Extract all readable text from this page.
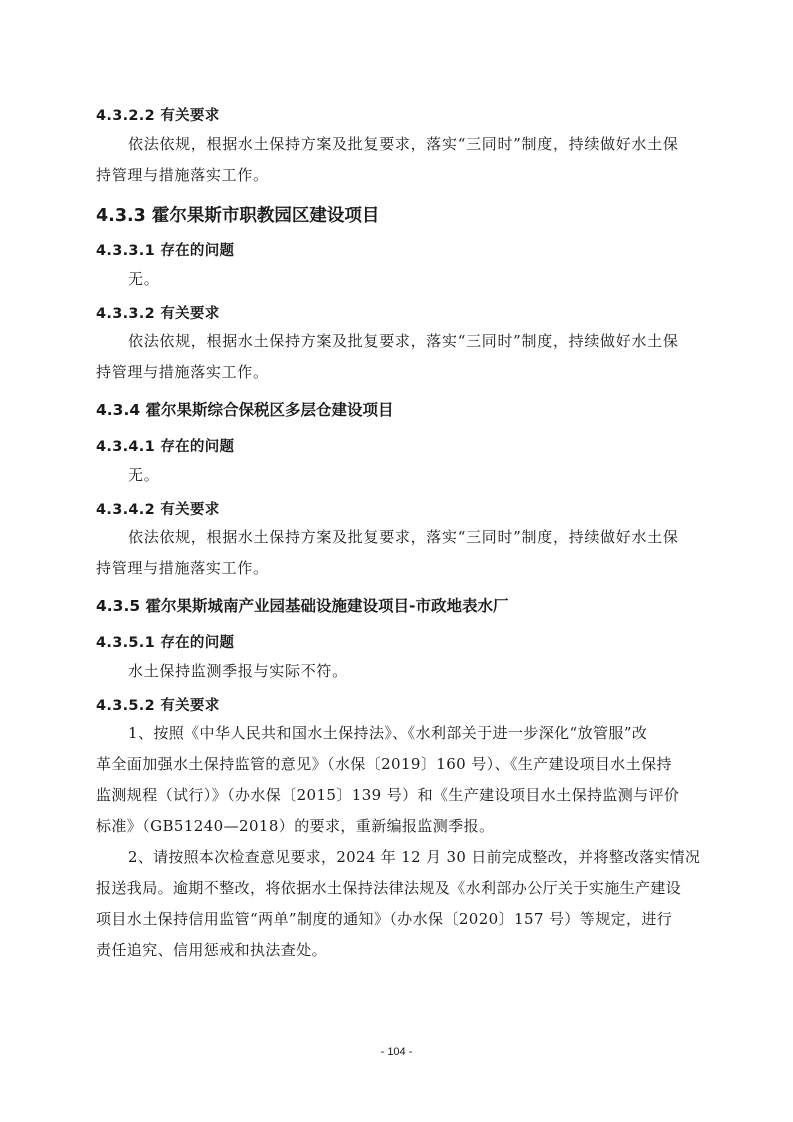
4.3.2.2 有关要求
依法依规，根据水土保持方案及批复要求，落实“三同时”制度，持续做好水土保
持管理与措施落实工作。
4.3.3 霍尔果斯市职教园区建设项目
4.3.3.1 存在的问题
无。
4.3.3.2 有关要求
依法依规，根据水土保持方案及批复要求，落实“三同时”制度，持续做好水土保
持管理与措施落实工作。
4.3.4 霍尔果斯综合保税区多层仓建设项目
4.3.4.1 存在的问题
无。
4.3.4.2 有关要求
依法依规，根据水土保持方案及批复要求，落实“三同时”制度，持续做好水土保
持管理与措施落实工作。
4.3.5 霍尔果斯城南产业园基础设施建设项目-市政地表水厂
4.3.5.1 存在的问题
水土保持监测季报与实际不符。
4.3.5.2 有关要求
1、按照《中华人民共和国水土保持法》、《水利部关于进一步深化“放管服”改
革全面加强水土保持监管的意见》（水保〔2019〕160 号）、《生产建设项目水土保持
监测规程（试行）》（办水保〔2015〕139 号）和《生产建设项目水土保持监测与评价
标准》（GB51240—2018）的要求，重新编报监测季报。
2、请按照本次检查意见要求，2024 年 12 月 30 日前完成整改，并将整改落实情况
报送我局。逾期不整改，将依据水土保持法律法规及《水利部办公厅关于实施生产建设
项目水土保持信用监管“两单”制度的通知》（办水保〔2020〕157 号）等规定，进行
责任追究、信用惩戒和执法查处。
- 104 -
